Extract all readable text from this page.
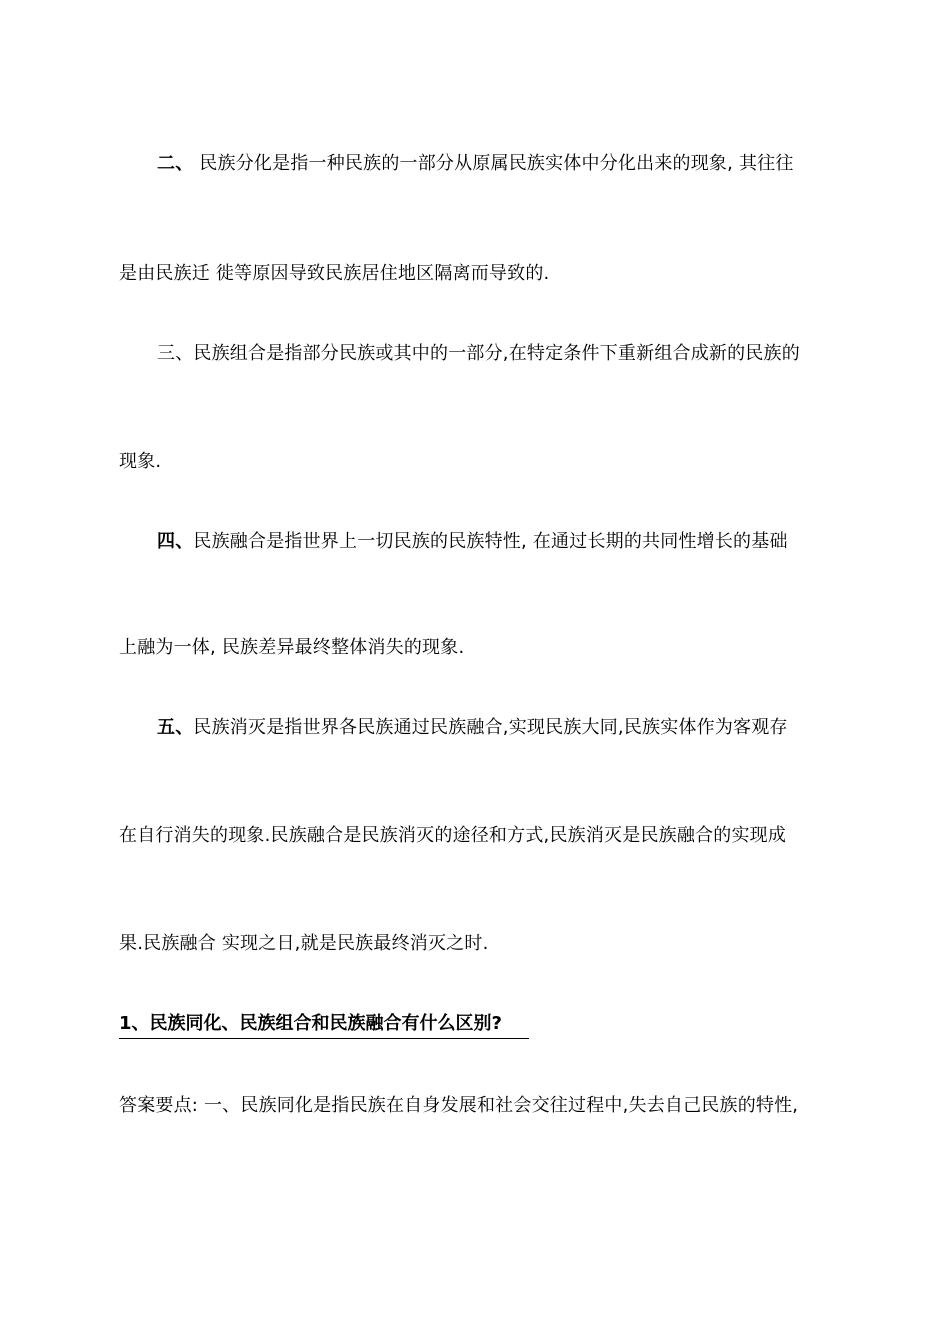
二、 民族分化是指一种民族的一部分从原属民族实体中分化出来的现象, 其往往
是由民族迁 徙等原因导致民族居住地区隔离而导致的.
三、民族组合是指部分民族或其中的一部分,在特定条件下重新组合成新的民族的
现象.
四、民族融合是指世界上一切民族的民族特性, 在通过长期的共同性增长的基础
上融为一体, 民族差异最终整体消失的现象.
五、民族消灭是指世界各民族通过民族融合,实现民族大同,民族实体作为客观存
在自行消失的现象.民族融合是民族消灭的途径和方式,民族消灭是民族融合的实现成
果.民族融合 实现之日,就是民族最终消灭之时.
1、民族同化、民族组合和民族融合有什么区别?
答案要点: 一、民族同化是指民族在自身发展和社会交往过程中,失去自己民族的特性,
